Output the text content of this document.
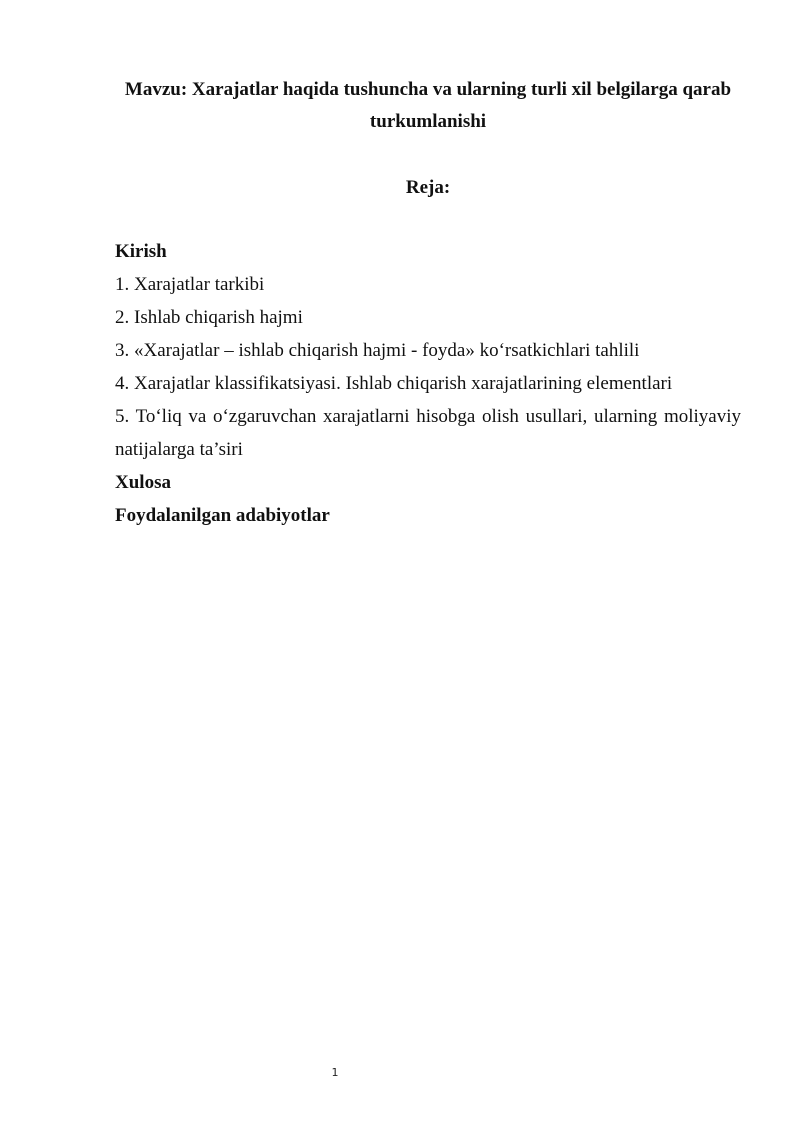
Mavzu: Xarajatlar haqida tushuncha va ularning turli xil belgilarga qarab turkumlanishi
Reja:
Kirish
1. Xarajatlar tarkibi
2. Ishlab chiqarish hajmi
3. «Xarajatlar – ishlab chiqarish hajmi - foyda» ko‘rsatkichlari tahlili
4. Xarajatlar klassifikatsiyasi. Ishlab chiqarish xarajatlarining elementlari
5. To‘liq va o‘zgaruvchan xarajatlarni hisobga olish usullari, ularning moliyaviy natijalarga ta’siri
Xulosa
Foydalanilgan adabiyotlar
1
